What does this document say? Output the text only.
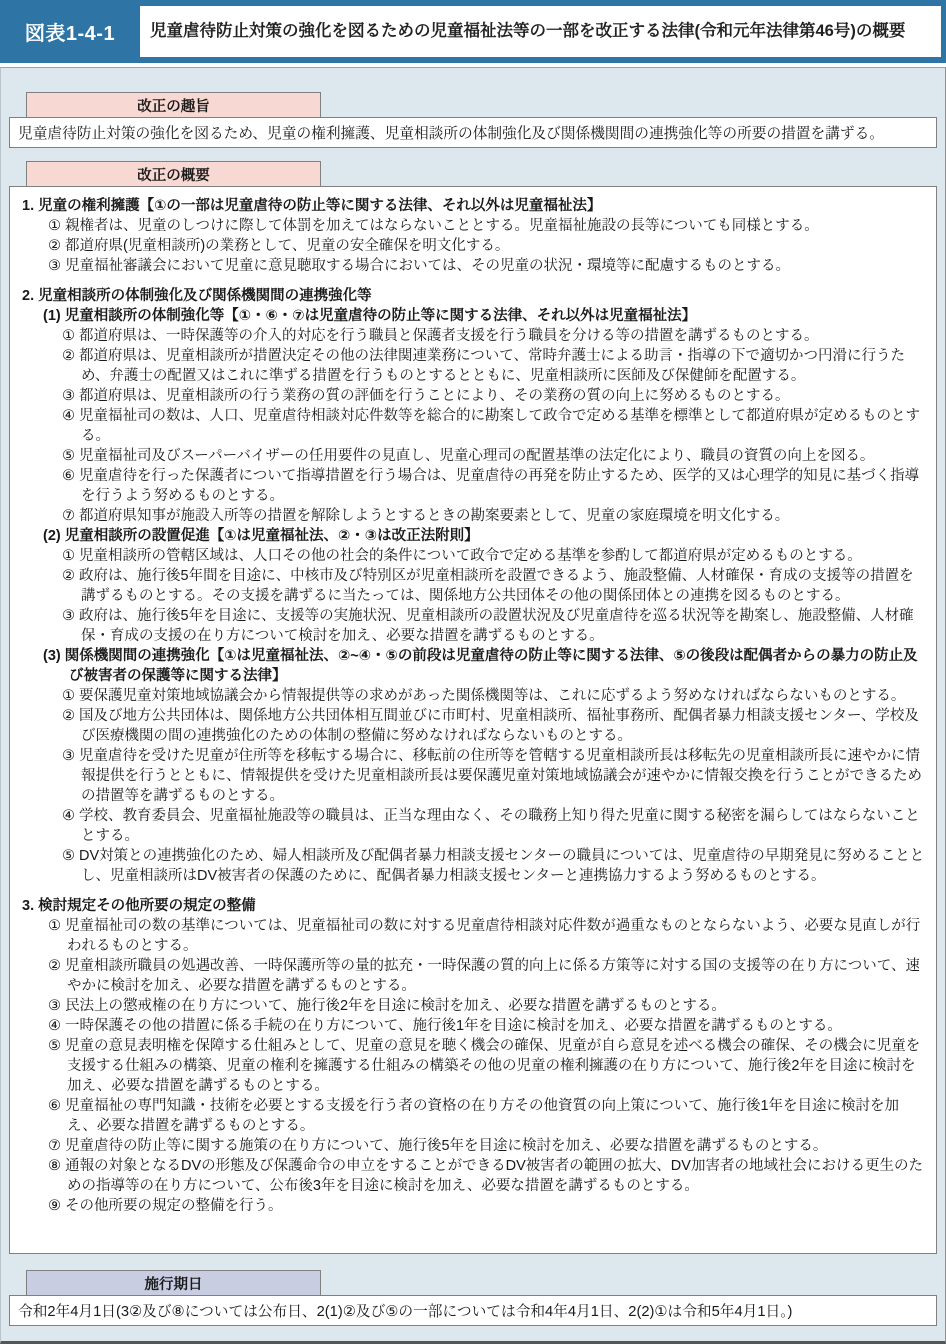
図表1-4-1	児童虐待防止対策の強化を図るための児童福祉法等の一部を改正する法律(令和元年法律第46号)の概要
改正の趣旨

児童虐待防止対策の強化を図るため、児童の権利擁護、児童相談所の体制強化及び関係機関間の連携強化等の所要の措置を講ずる。

改正の概要
1. 児童の権利擁護【①の一部は児童虐待の防止等に関する法律、それ以外は児童福祉法】
① 親権者は、児童のしつけに際して体罰を加えてはならないこととする。児童福祉施設の長等についても同様とする。
② 都道府県(児童相談所)の業務として、児童の安全確保を明文化する。
③ 児童福祉審議会において児童に意見聴取する場合においては、その児童の状況・環境等に配慮するものとする。
2. 児童相談所の体制強化及び関係機関間の連携強化等
(1) 児童相談所の体制強化等【①・⑥・⑦は児童虐待の防止等に関する法律、それ以外は児童福祉法】
① 都道府県は、一時保護等の介入的対応を行う職員と保護者支援を行う職員を分ける等の措置を講ずるものとする。
② 都道府県は、児童相談所が措置決定その他の法律関連業務について、常時弁護士による助言・指導の下で適切かつ円滑に行うため、弁護士の配置又はこれに準ずる措置を行うものとするとともに、児童相談所に医師及び保健師を配置する。
③ 都道府県は、児童相談所の行う業務の質の評価を行うことにより、その業務の質の向上に努めるものとする。
④ 児童福祉司の数は、人口、児童虐待相談対応件数等を総合的に勘案して政令で定める基準を標準として都道府県が定めるものとする。
⑤ 児童福祉司及びスーパーバイザーの任用要件の見直し、児童心理司の配置基準の法定化により、職員の資質の向上を図る。
⑥ 児童虐待を行った保護者について指導措置を行う場合は、児童虐待の再発を防止するため、医学的又は心理学的知見に基づく指導を行うよう努めるものとする。
⑦ 都道府県知事が施設入所等の措置を解除しようとするときの勘案要素として、児童の家庭環境を明文化する。
(2) 児童相談所の設置促進【①は児童福祉法、②・③は改正法附則】
① 児童相談所の管轄区域は、人口その他の社会的条件について政令で定める基準を参酌して都道府県が定めるものとする。
② 政府は、施行後5年間を目途に、中核市及び特別区が児童相談所を設置できるよう、施設整備、人材確保・育成の支援等の措置を講ずるものとする。その支援を講ずるに当たっては、関係地方公共団体その他の関係団体との連携を図るものとする。
③ 政府は、施行後5年を目途に、支援等の実施状況、児童相談所の設置状況及び児童虐待を巡る状況等を勘案し、施設整備、人材確保・育成の支援の在り方について検討を加え、必要な措置を講ずるものとする。
(3) 関係機関間の連携強化【①は児童福祉法、②~④・⑤の前段は児童虐待の防止等に関する法律、⑤の後段は配偶者からの暴力の防止及び被害者の保護等に関する法律】
① 要保護児童対策地域協議会から情報提供等の求めがあった関係機関等は、これに応ずるよう努めなければならないものとする。
② 国及び地方公共団体は、関係地方公共団体相互間並びに市町村、児童相談所、福祉事務所、配偶者暴力相談支援センター、学校及び医療機関の間の連携強化のための体制の整備に努めなければならないものとする。
③ 児童虐待を受けた児童が住所等を移転する場合に、移転前の住所等を管轄する児童相談所長は移転先の児童相談所長に速やかに情報提供を行うとともに、情報提供を受けた児童相談所長は要保護児童対策地域協議会が速やかに情報交換を行うことができるための措置等を講ずるものとする。
④ 学校、教育委員会、児童福祉施設等の職員は、正当な理由なく、その職務上知り得た児童に関する秘密を漏らしてはならないこととする。
⑤ DV対策との連携強化のため、婦人相談所及び配偶者暴力相談支援センターの職員については、児童虐待の早期発見に努めることとし、児童相談所はDV被害者の保護のために、配偶者暴力相談支援センターと連携協力するよう努めるものとする。
3. 検討規定その他所要の規定の整備
① 児童福祉司の数の基準については、児童福祉司の数に対する児童虐待相談対応件数が過重なものとならないよう、必要な見直しが行われるものとする。
② 児童相談所職員の処遇改善、一時保護所等の量的拡充・一時保護の質的向上に係る方策等に対する国の支援等の在り方について、速やかに検討を加え、必要な措置を講ずるものとする。
③ 民法上の懲戒権の在り方について、施行後2年を目途に検討を加え、必要な措置を講ずるものとする。
④ 一時保護その他の措置に係る手続の在り方について、施行後1年を目途に検討を加え、必要な措置を講ずるものとする。
⑤ 児童の意見表明権を保障する仕組みとして、児童の意見を聴く機会の確保、児童が自ら意見を述べる機会の確保、その機会に児童を支援する仕組みの構築、児童の権利を擁護する仕組みの構築その他の児童の権利擁護の在り方について、施行後2年を目途に検討を加え、必要な措置を講ずるものとする。
⑥ 児童福祉の専門知識・技術を必要とする支援を行う者の資格の在り方その他資質の向上策について、施行後1年を目途に検討を加え、必要な措置を講ずるものとする。
⑦ 児童虐待の防止等に関する施策の在り方について、施行後5年を目途に検討を加え、必要な措置を講ずるものとする。
⑧ 通報の対象となるDVの形態及び保護命令の申立をすることができるDV被害者の範囲の拡大、DV加害者の地域社会における更生のための指導等の在り方について、公布後3年を目途に検討を加え、必要な措置を講ずるものとする。
⑨ その他所要の規定の整備を行う。
施行期日

令和2年4月1日(3②及び⑧については公布日、2(1)②及び⑤の一部については令和4年4月1日、2(2)①は令和5年4月1日。)
